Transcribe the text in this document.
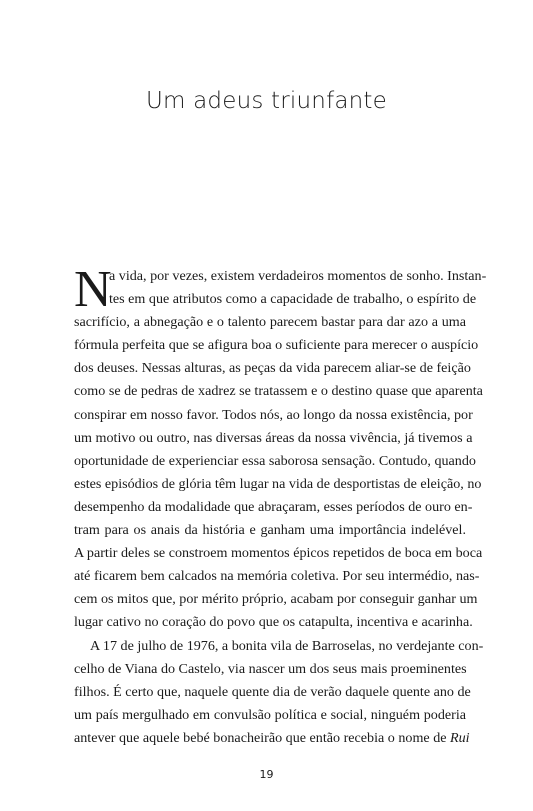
Um adeus triunfante
N
a vida, por vezes, existem verdadeiros momentos de sonho. Instan-
tes em que atributos como a capacidade de trabalho, o espírito de
sacrifício, a abnegação e o talento parecem bastar para dar azo a uma
fórmula perfeita que se afigura boa o suficiente para merecer o auspício
dos deuses. Nessas alturas, as peças da vida parecem aliar-se de feição
como se de pedras de xadrez se tratassem e o destino quase que aparenta
conspirar em nosso favor. Todos nós, ao longo da nossa existência, por
um motivo ou outro, nas diversas áreas da nossa vivência, já tivemos a
oportunidade de experienciar essa saborosa sensação. Contudo, quando
estes episódios de glória têm lugar na vida de desportistas de eleição, no
desempenho da modalidade que abraçaram, esses períodos de ouro en-
tram para os anais da história e ganham uma importância indelével.
A partir deles se constroem momentos épicos repetidos de boca em boca
até ficarem bem calcados na memória coletiva. Por seu intermédio, nas-
cem os mitos que, por mérito próprio, acabam por conseguir ganhar um
lugar cativo no coração do povo que os catapulta, incentiva e acarinha.
A 17 de julho de 1976, a bonita vila de Barroselas, no verdejante con-
celho de Viana do Castelo, via nascer um dos seus mais proeminentes
filhos. É certo que, naquele quente dia de verão daquele quente ano de
um país mergulhado em convulsão política e social, ninguém poderia
antever que aquele bebé bonacheirão que então recebia o nome de Rui
19
